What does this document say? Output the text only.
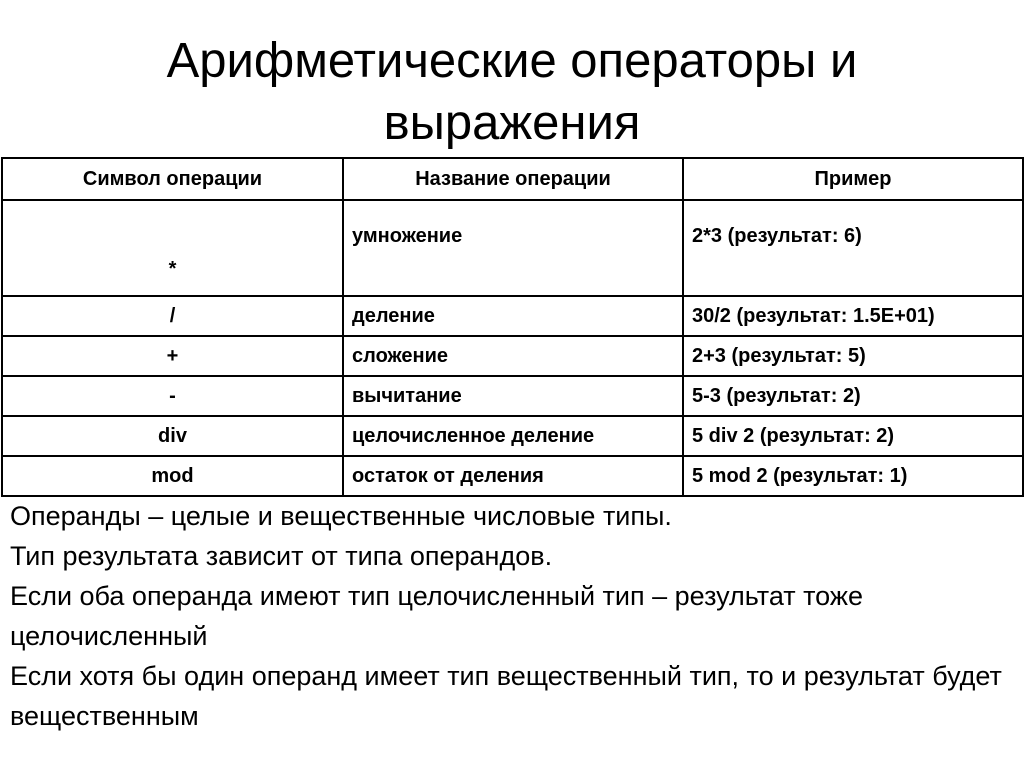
Арифметические операторы и
выражения
Символ операции	Название операции	Пример
*	умножение	2*3 (результат: 6)
/	деление	30/2 (результат: 1.5E+01)
+	сложение	2+3 (результат: 5)
-	вычитание	5-3 (результат: 2)
div	целочисленное деление	5 div 2 (результат: 2)
mod	остаток от деления	5 mod 2 (результат: 1)

Операнды – целые и вещественные числовые типы.

Тип результата зависит от типа операндов.

Если оба операнда имеют тип целочисленный тип – результат тоже целочисленный

Если хотя бы один операнд имеет тип вещественный тип, то и результат будет вещественным
